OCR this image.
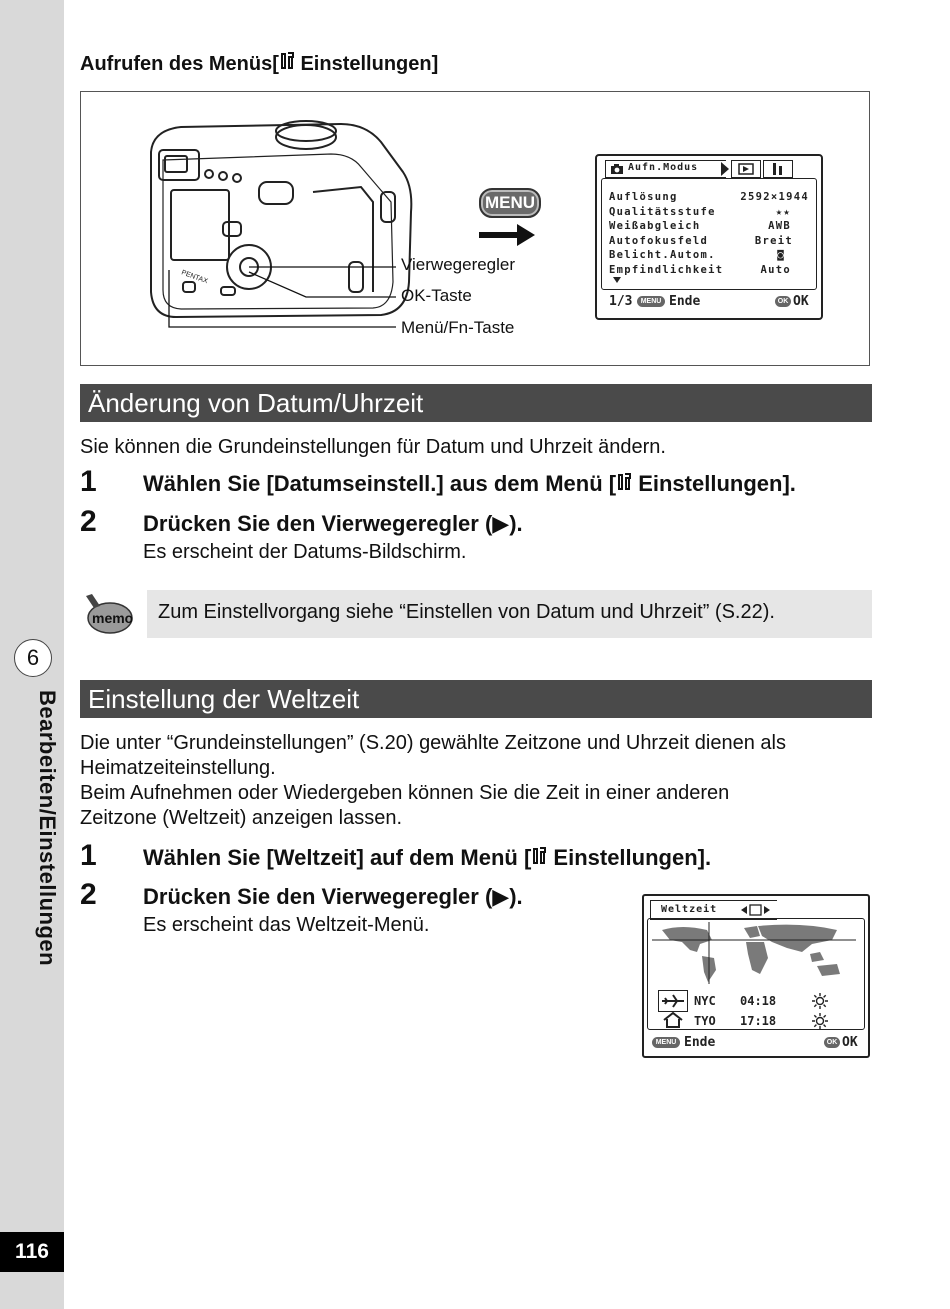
6
Bearbeiten/Einstellungen
116
Aufrufen des Menüs[ Einstellungen]
PENTAX
Vierwegeregler
OK-Taste
Menü/Fn-Taste
MENU
Aufn.Modus
Auflösung	2592×1944
Qualitätsstufe	★★
Weißabgleich	AWB
Autofokusfeld	Breit
Belicht.Autom.	◙
Empfindlichkeit	Auto
1/3	MENU Ende	OK OK
Änderung von Datum/Uhrzeit
Sie können die Grundeinstellungen für Datum und Uhrzeit ändern.
1 Wählen Sie [Datumseinstell.] aus dem Menü [ Einstellungen].
2 Drücken Sie den Vierwegeregler (▶).
Es erscheint der Datums-Bildschirm.
memo Zum Einstellvorgang siehe “Einstellen von Datum und Uhrzeit” (S.22).
Einstellung der Weltzeit
Die unter “Grundeinstellungen” (S.20) gewählte Zeitzone und Uhrzeit dienen als
Heimatzeiteinstellung.
Beim Aufnehmen oder Wiedergeben können Sie die Zeit in einer anderen
Zeitzone (Weltzeit) anzeigen lassen.
1 Wählen Sie [Weltzeit] auf dem Menü [ Einstellungen].
2 Drücken Sie den Vierwegeregler (▶).
Es erscheint das Weltzeit-Menü.
Weltzeit
NYC 04:18
TYO 17:18
MENU Ende	OK OK
